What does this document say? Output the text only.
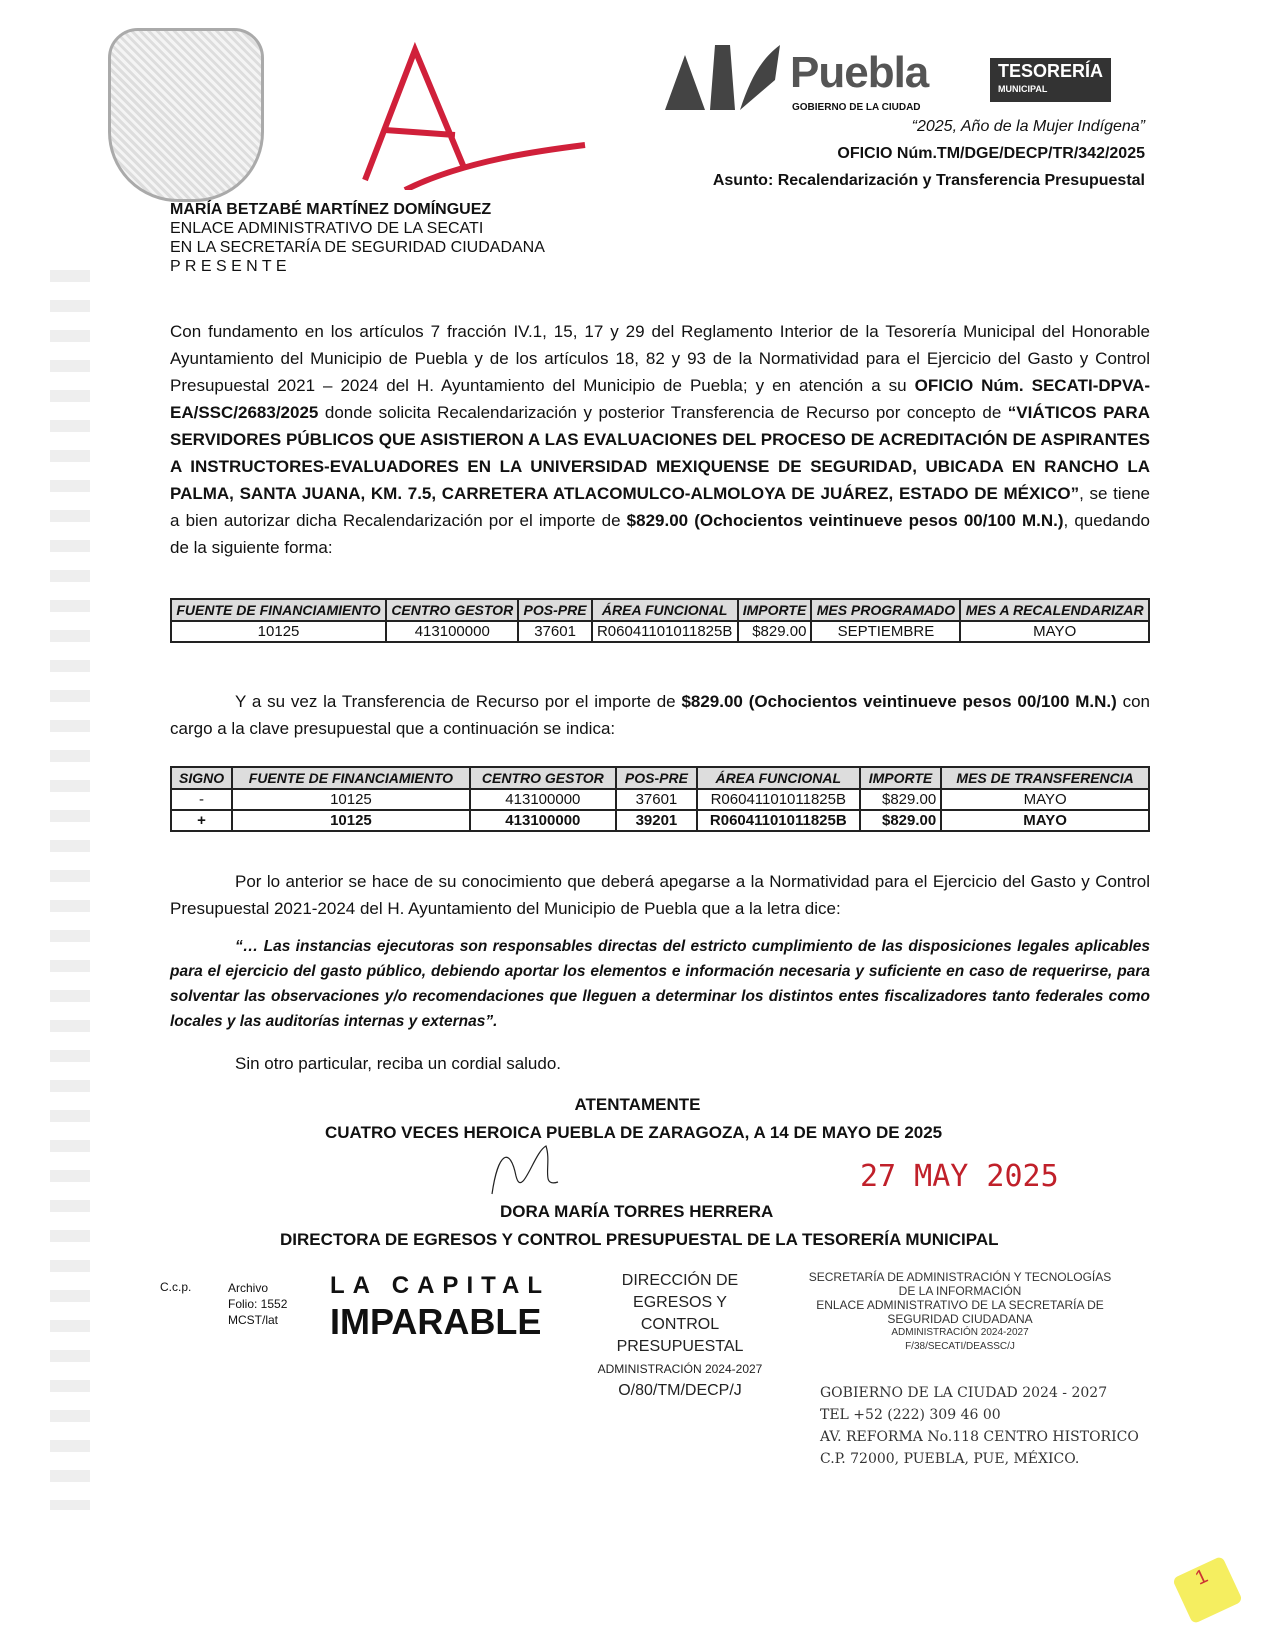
Puebla
GOBIERNO DE LA CIUDAD
TESORERÍA
MUNICIPAL
“2025, Año de la Mujer Indígena”
OFICIO Núm.TM/DGE/DECP/TR/342/2025
Asunto: Recalendarización y Transferencia Presupuestal
MARÍA BETZABÉ MARTÍNEZ DOMÍNGUEZ
ENLACE ADMINISTRATIVO DE LA SECATI
EN LA SECRETARÍA DE SEGURIDAD CIUDADANA
P R E S E N T E

Con fundamento en los artículos 7 fracción IV.1, 15, 17 y 29 del Reglamento Interior de la Tesorería Municipal del Honorable Ayuntamiento del Municipio de Puebla y de los artículos 18, 82 y 93 de la Normatividad para el Ejercicio del Gasto y Control Presupuestal 2021 – 2024 del H. Ayuntamiento del Municipio de Puebla; y en atención a su OFICIO Núm. SECATI-DPVA-EA/SSC/2683/2025 donde solicita Recalendarización y posterior Transferencia de Recurso por concepto de “VIÁTICOS PARA SERVIDORES PÚBLICOS QUE ASISTIERON A LAS EVALUACIONES DEL PROCESO DE ACREDITACIÓN DE ASPIRANTES A INSTRUCTORES-EVALUADORES EN LA UNIVERSIDAD MEXIQUENSE DE SEGURIDAD, UBICADA EN RANCHO LA PALMA, SANTA JUANA, KM. 7.5, CARRETERA ATLACOMULCO-ALMOLOYA DE JUÁREZ, ESTADO DE MÉXICO”, se tiene a bien autorizar dicha Recalendarización por el importe de $829.00 (Ochocientos veintinueve pesos 00/100 M.N.), quedando de la siguiente forma:

FUENTE DE FINANCIAMIENTO	CENTRO GESTOR	POS-PRE	ÁREA FUNCIONAL	IMPORTE	MES PROGRAMADO	MES A RECALENDARIZAR
10125	413100000	37601	R06041101011825B	$829.00	SEPTIEMBRE	MAYO

Y a su vez la Transferencia de Recurso por el importe de $829.00 (Ochocientos veintinueve pesos 00/100 M.N.) con cargo a la clave presupuestal que a continuación se indica:

SIGNO	FUENTE DE FINANCIAMIENTO	CENTRO GESTOR	POS-PRE	ÁREA FUNCIONAL	IMPORTE	MES DE TRANSFERENCIA
-	10125	413100000	37601	R06041101011825B	$829.00	MAYO
+	10125	413100000	39201	R06041101011825B	$829.00	MAYO

Por lo anterior se hace de su conocimiento que deberá apegarse a la Normatividad para el Ejercicio del Gasto y Control Presupuestal 2021-2024 del H. Ayuntamiento del Municipio de Puebla que a la letra dice:

“… Las instancias ejecutoras son responsables directas del estricto cumplimiento de las disposiciones legales aplicables para el ejercicio del gasto público, debiendo aportar los elementos e información necesaria y suficiente en caso de requerirse, para solventar las observaciones y/o recomendaciones que lleguen a determinar los distintos entes fiscalizadores tanto federales como locales y las auditorías internas y externas”.

Sin otro particular, reciba un cordial saludo.

ATENTAMENTE
CUATRO VECES HEROICA PUEBLA DE ZARAGOZA, A 14 DE MAYO DE 2025
27 MAY 2025
DORA MARÍA TORRES HERRERA
DIRECTORA DE EGRESOS Y CONTROL PRESUPUESTAL DE LA TESORERÍA MUNICIPAL
C.c.p.	Archivo
Folio: 1552
MCST/lat
LA CAPITAL
IMPARABLE
DIRECCIÓN DE EGRESOS Y
CONTROL PRESUPUESTAL
ADMINISTRACIÓN 2024-2027
O/80/TM/DECP/J
SECRETARÍA DE ADMINISTRACIÓN Y TECNOLOGÍAS DE LA INFORMACIÓN
ENLACE ADMINISTRATIVO DE LA SECRETARÍA DE
SEGURIDAD CIUDADANA
ADMINISTRACIÓN 2024-2027
F/38/SECATI/DEASSC/J
GOBIERNO DE LA CIUDAD 2024 - 2027
TEL +52 (222) 309 46 00
AV. REFORMA No.118 CENTRO HISTORICO
C.P. 72000, PUEBLA, PUE, MÉXICO.
1
